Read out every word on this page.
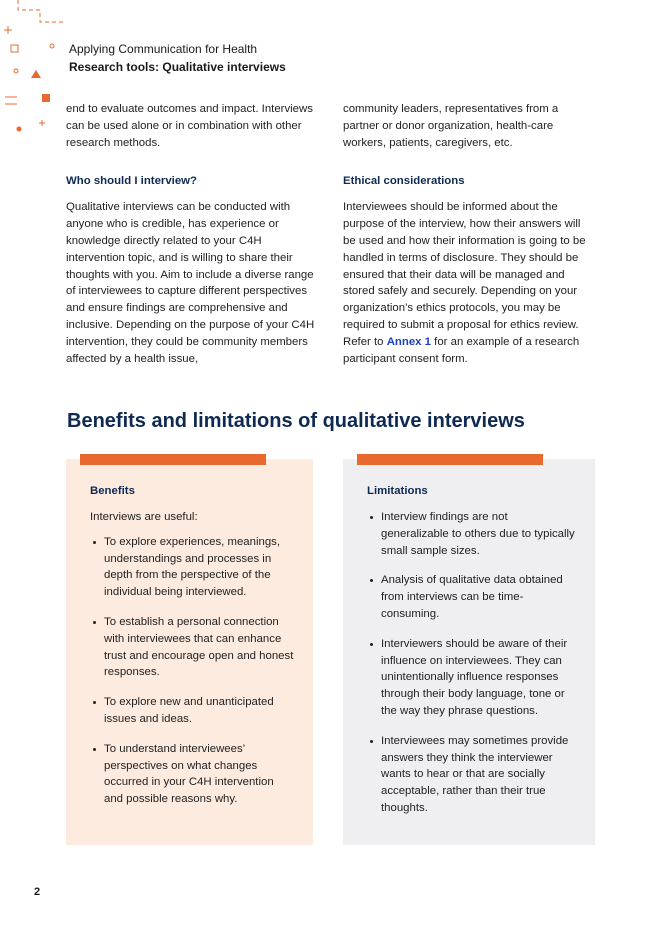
Applying Communication for Health
Research tools: Qualitative interviews

end to evaluate outcomes and impact. Interviews can be used alone or in combination with other research methods.

Who should I interview?

Qualitative interviews can be conducted with anyone who is credible, has experience or knowledge directly related to your C4H intervention topic, and is willing to share their thoughts with you. Aim to include a diverse range of interviewees to capture different perspectives and ensure findings are comprehensive and inclusive. Depending on the purpose of your C4H intervention, they could be community members affected by a health issue,

community leaders, representatives from a partner or donor organization, health-care workers, patients, caregivers, etc.

Ethical considerations

Interviewees should be informed about the purpose of the interview, how their answers will be used and how their information is going to be handled in terms of disclosure. They should be ensured that their data will be managed and stored safely and securely. Depending on your organization’s ethics protocols, you may be required to submit a proposal for ethics review. Refer to Annex 1 for an example of a research participant consent form.

Benefits and limitations of qualitative interviews
Benefits

Interviews are useful:

To explore experiences, meanings, understandings and processes in depth from the perspective of the individual being interviewed.
To establish a personal connection with interviewees that can enhance trust and encourage open and honest responses.
To explore new and unanticipated issues and ideas.
To understand interviewees’ perspectives on what changes occurred in your C4H intervention and possible reasons why.
Limitations
Interview findings are not generalizable to others due to typically small sample sizes.
Analysis of qualitative data obtained from interviews can be time-consuming.
Interviewers should be aware of their influence on interviewees. They can unintentionally influence responses through their body language, tone or the way they phrase questions.
Interviewees may sometimes provide answers they think the interviewer wants to hear or that are socially acceptable, rather than their true thoughts.
2
